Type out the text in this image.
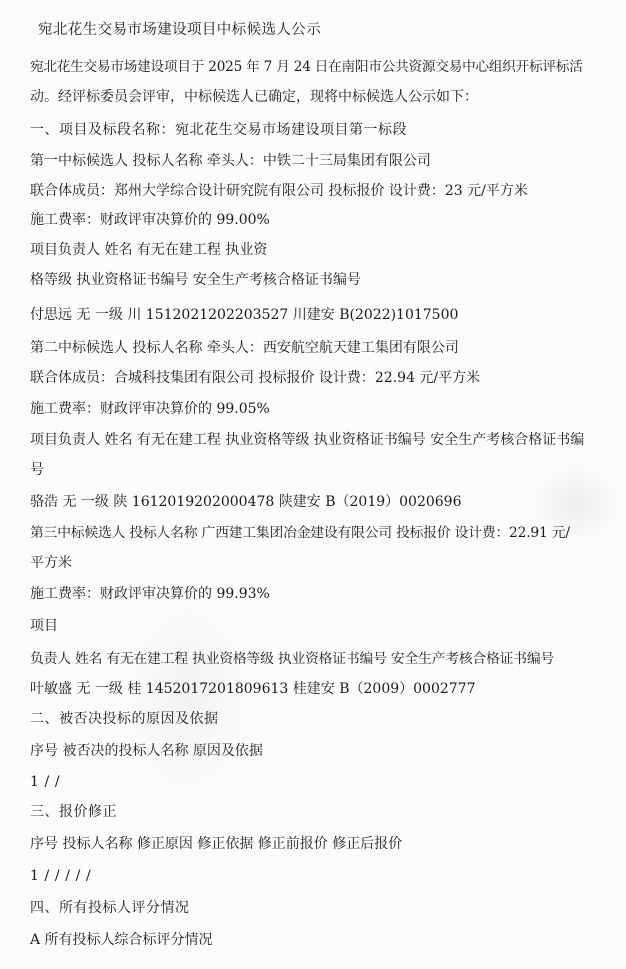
宛北花生交易市场建设项目中标候选人公示
宛北花生交易市场建设项目于 2025 年 7 月 24 日在南阳市公共资源交易中心组织开标评标活
动。经评标委员会评审，中标候选人已确定，现将中标候选人公示如下：
一、项目及标段名称：宛北花生交易市场建设项目第一标段
第一中标候选人 投标人名称 牵头人：中铁二十三局集团有限公司
联合体成员：郑州大学综合设计研究院有限公司 投标报价 设计费：23 元/平方米
施工费率：财政评审决算价的 99.00%
项目负责人 姓名 有无在建工程 执业资
格等级 执业资格证书编号 安全生产考核合格证书编号
付思远 无 一级 川 1512021202203527 川建安 B(2022)1017500
第二中标候选人 投标人名称 牵头人：西安航空航天建工集团有限公司
联合体成员：合城科技集团有限公司 投标报价 设计费：22.94 元/平方米
施工费率：财政评审决算价的 99.05%
项目负责人 姓名 有无在建工程 执业资格等级 执业资格证书编号 安全生产考核合格证书编
号
骆浩 无 一级 陕 1612019202000478 陕建安 B（2019）0020696
第三中标候选人 投标人名称 广西建工集团冶金建设有限公司 投标报价 设计费：22.91 元/
平方米
施工费率：财政评审决算价的 99.93%
项目
负责人 姓名 有无在建工程 执业资格等级 执业资格证书编号 安全生产考核合格证书编号
叶敏盛 无 一级 桂 1452017201809613 桂建安 B（2009）0002777
二、被否决投标的原因及依据
序号 被否决的投标人名称 原因及依据
1 / /
三、报价修正
序号 投标人名称 修正原因 修正依据 修正前报价 修正后报价
1 / / / / /
四、所有投标人评分情况
A 所有投标人综合标评分情况
